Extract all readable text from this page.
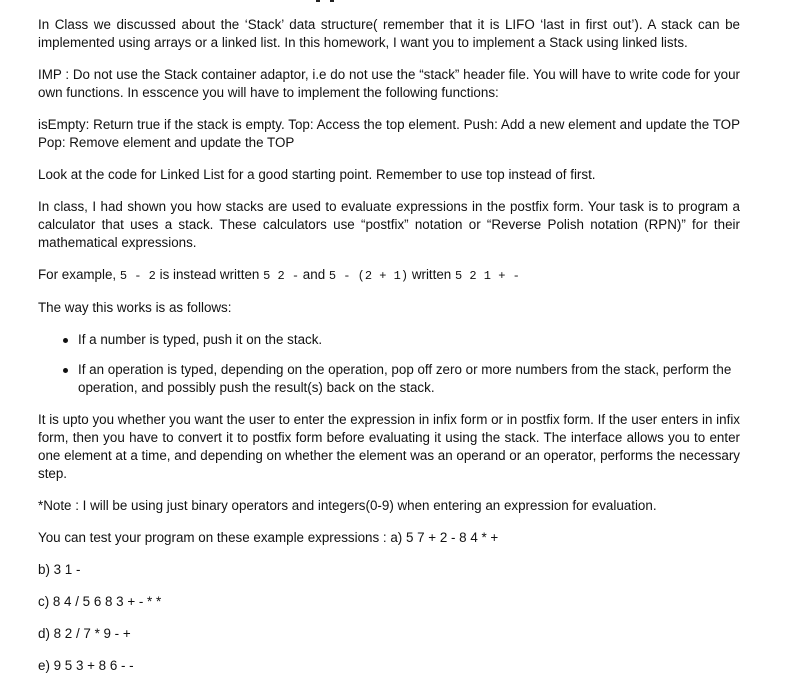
In Class we discussed about the ‘Stack’ data structure( remember that it is LIFO ‘last in first out’). A stack can be implemented using arrays or a linked list. In this homework, I want you to implement a Stack using linked lists.

IMP : Do not use the Stack container adaptor, i.e do not use the “stack” header file. You will have to write code for your own functions. In esscence you will have to implement the following functions:

isEmpty: Return true if the stack is empty. Top: Access the top element. Push: Add a new element and update the TOP Pop: Remove element and update the TOP

Look at the code for Linked List for a good starting point. Remember to use top instead of first.

In class, I had shown you how stacks are used to evaluate expressions in the postfix form. Your task is to program a calculator that uses a stack. These calculators use “postfix” notation or “Reverse Polish notation (RPN)” for their mathematical expressions.

For example, 5 - 2 is instead written 5 2 - and 5 - (2 + 1) written 5 2 1 + -

The way this works is as follows:

If a number is typed, push it on the stack.
If an operation is typed, depending on the operation, pop off zero or more numbers from the stack, perform the operation, and possibly push the result(s) back on the stack.

It is upto you whether you want the user to enter the expression in infix form or in postfix form. If the user enters in infix form, then you have to convert it to postfix form before evaluating it using the stack. The interface allows you to enter one element at a time, and depending on whether the element was an operand or an operator, performs the necessary step.

*Note : I will be using just binary operators and integers(0-9) when entering an expression for evaluation.

You can test your program on these example expressions : a) 5 7 + 2 - 8 4 * +

b) 3 1 -
c) 8 4 / 5 6 8 3 + - * *
d) 8 2 / 7 * 9 - +
e) 9 5 3 + 8 6 - -
